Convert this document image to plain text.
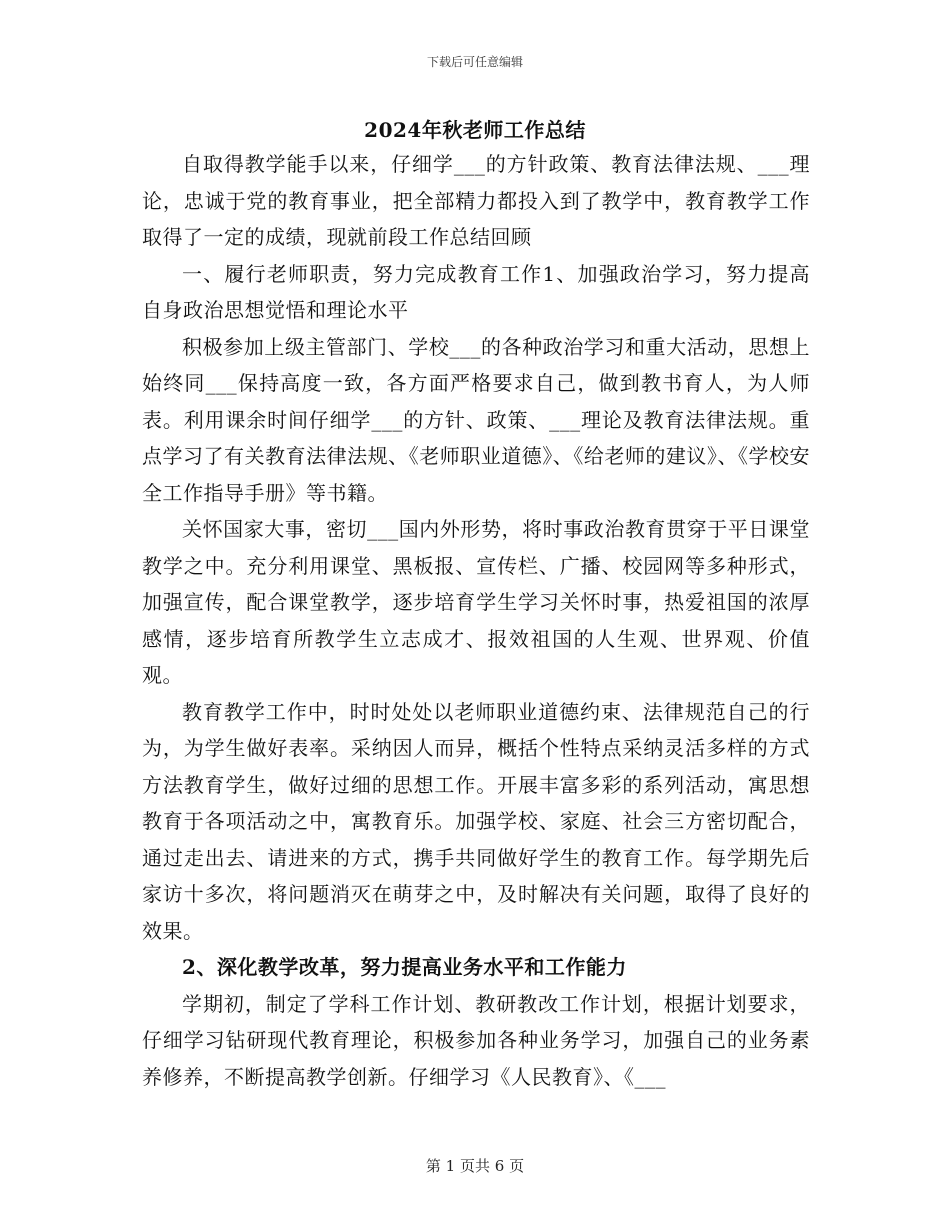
下载后可任意编辑
2024年秋老师工作总结

自取得教学能手以来，仔细学___的方针政策、教育法律法规、___理论，忠诚于党的教育事业，把全部精力都投入到了教学中，教育教学工作取得了一定的成绩，现就前段工作总结回顾

一、履行老师职责，努力完成教育工作1、加强政治学习，努力提高自身政治思想觉悟和理论水平

积极参加上级主管部门、学校___的各种政治学习和重大活动，思想上始终同___保持高度一致，各方面严格要求自己，做到教书育人，为人师表。利用课余时间仔细学___的方针、政策、___理论及教育法律法规。重点学习了有关教育法律法规、《老师职业道德》、《给老师的建议》、《学校安全工作指导手册》等书籍。

关怀国家大事，密切___国内外形势，将时事政治教育贯穿于平日课堂教学之中。充分利用课堂、黑板报、宣传栏、广播、校园网等多种形式，加强宣传，配合课堂教学，逐步培育学生学习关怀时事，热爱祖国的浓厚感情，逐步培育所教学生立志成才、报效祖国的人生观、世界观、价值观。

教育教学工作中，时时处处以老师职业道德约束、法律规范自己的行为，为学生做好表率。采纳因人而异，概括个性特点采纳灵活多样的方式方法教育学生，做好过细的思想工作。开展丰富多彩的系列活动，寓思想教育于各项活动之中，寓教育乐。加强学校、家庭、社会三方密切配合，通过走出去、请进来的方式，携手共同做好学生的教育工作。每学期先后家访十多次，将问题消灭在萌芽之中，及时解决有关问题，取得了良好的效果。

2、深化教学改革，努力提高业务水平和工作能力

学期初，制定了学科工作计划、教研教改工作计划，根据计划要求，仔细学习钻研现代教育理论，积极参加各种业务学习，加强自己的业务素养修养，不断提高教学创新。仔细学习《人民教育》、《___

第 1 页共 6 页
